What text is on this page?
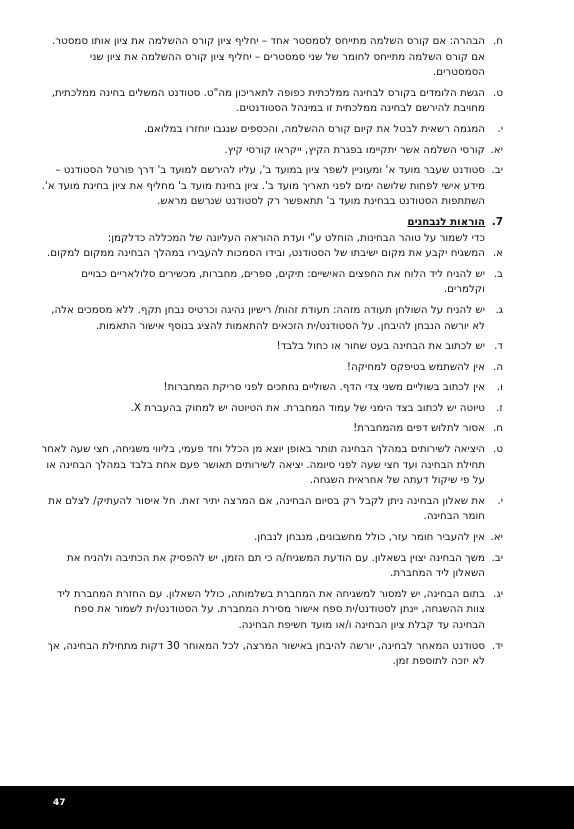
ח.

הבהרה: אם קורס השלמה מתייחס לסמסטר אחד – יחליף ציון קורס ההשלמה את ציון אותו סמסטר. אם קורס השלמה מתייחס לחומר של שני סמסטרים – יחליף ציון קורס ההשלמה את ציון שני הסמסטרים.

ט.

הגשת הלומדים בקורס לבחינה ממלכתית כפופה לתאריכון מה"ט. סטודנט המשלים בחינה ממלכתית, מחויבת להירשם לבחינה ממלכתית זו במינהל הסטודנטים.

י.

המגמה רשאית לבטל את קיום קורס ההשלמה, והכספים שנגבו יוחזרו במלואם.

יא.

קורסי השלמה אשר יתקיימו בפגרת הקיץ, ייקראו קורסי קיץ.

יב.

סטודנט שעבר מועד א' ומעוניין לשפר ציון במועד ב', עליו להירשם למועד ב' דרך פורטל הסטודנט – מידע אישי לפחות שלושה ימים לפני תאריך מועד ב'. ציון בחינת מועד ב' מחליף את ציון בחינת מועד א'. השתתפות הסטודנט בבחינת מועד ב' תתאפשר רק לסטודנט שנרשם מראש.

7.
הוראות לנבחנים

כדי לשמור על טוהר הבחינות, הוחלט ע"י ועדת ההוראה העליונה של המכללה כדלקמן:

א.

המשגיח יקבע את מקום ישיבתו של הסטודנט, ובידו הסמכות להעבירו במהלך הבחינה ממקום למקום.

ב.

יש להניח ליד הלוח את החפצים האישיים: תיקים, ספרים, מחברות, מכשירים סלולאריים כבויים וקלמרים.

ג.

יש להניח על השולחן תעודה מזהה: תעודת זהות/ רישיון נהיגה וכרטיס נבחן תקף. ללא מסמכים אלה, לא יורשה הנבחן להיבחן. על הסטודנט/ית הזכאים להתאמות להציג בנוסף אישור התאמות.

ד.

יש לכתוב את הבחינה בעט שחור או כחול בלבד!

ה.

אין להשתמש בטיפקס למחיקה!

ו.

אין לכתוב בשוליים משני צדי הדף. השוליים נחתכים לפני סריקת המחברות!

ז.

טיוטה יש לכתוב בצד הימני של עמוד המחברת. את הטיוטה יש למחוק בהעברת X.

ח.

אסור לתלוש דפים מהמחברת!

ט.

היציאה לשירותים במהלך הבחינה תותר באופן יוצא מן הכלל וחד פעמי, בליווי משגיחה, חצי שעה לאחר תחילת הבחינה ועד חצי שעה לפני סיומה. יציאה לשירותים תאושר פעם אחת בלבד במהלך הבחינה או על פי שיקול דעתה של אחראית השגחה.

י.

את שאלון הבחינה ניתן לקבל רק בסיום הבחינה, אם המרצה יתיר זאת. חל איסור להעתיק/ לצלם את חומר הבחינה.

יא.

אין להעביר חומר עזר, כולל מחשבונים, מנבחן לנבחן.

יב.

משך הבחינה יצוין בשאלון. עם הודעת המשגיח/ה כי תם הזמן, יש להפסיק את הכתיבה ולהניח את השאלון ליד המחברת.

יג.

בתום הבחינה, יש למסור למשגיחה את המחברת בשלמותה, כולל השאלון. עם החזרת המחברת ליד צוות ההשגחה, יינתן לסטודנט/ית ספח אישור מסירת המחברת. על הסטודנט/ית לשמור את ספח הבחינה עד קבלת ציון הבחינה ו/או מועד חשיפת הבחינה.

יד.

סטודנט המאחר לבחינה, יורשה להיבחן באישור המרצה, לכל המאוחר 30 דקות מתחילת הבחינה, אך לא יזכה לתוספת זמן.

47
